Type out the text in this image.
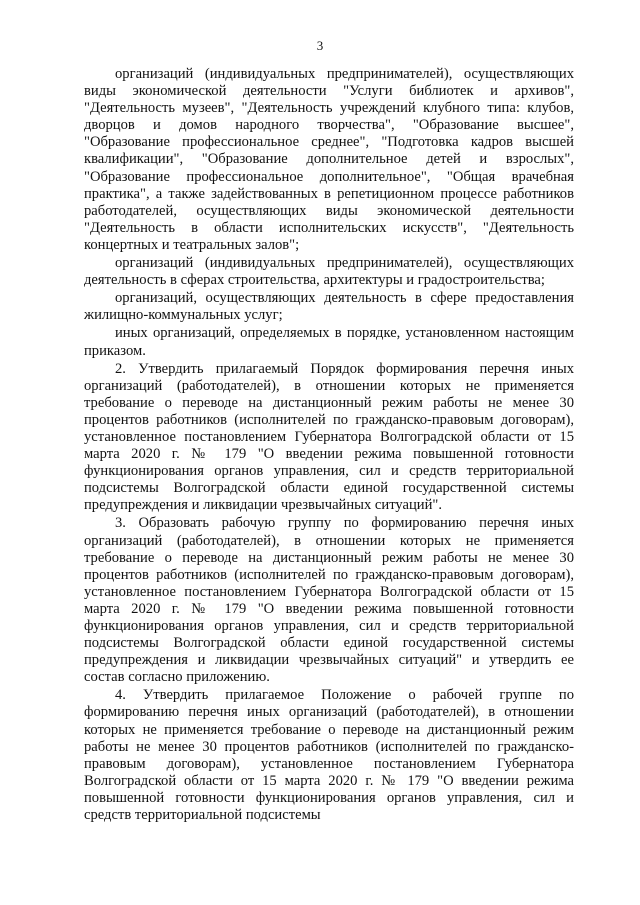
3

организаций (индивидуальных предпринимателей), осуществляющих виды экономической деятельности "Услуги библиотек и архивов", "Деятельность музеев", "Деятельность учреждений клубного типа: клубов, дворцов и домов народного творчества", "Образование высшее", "Образование профессиональное среднее", "Подготовка кадров высшей квалификации", "Образование дополнительное детей и взрослых", "Образование профессиональное дополнительное", "Общая врачебная практика", а также задействованных в репетиционном процессе работников работодателей, осуществляющих виды экономической деятельности "Деятельность в области исполнительских искусств", "Деятельность концертных и театральных залов";

организаций (индивидуальных предпринимателей), осуществляющих деятельность в сферах строительства, архитектуры и градостроительства;

организаций, осуществляющих деятельность в сфере предоставления жилищно-коммунальных услуг;

иных организаций, определяемых в порядке, установленном настоящим приказом.

2. Утвердить прилагаемый Порядок формирования перечня иных организаций (работодателей), в отношении которых не применяется требование о переводе на дистанционный режим работы не менее 30 процентов работников (исполнителей по гражданско-правовым договорам), установленное постановлением Губернатора Волгоградской области от 15 марта 2020 г. № 179 "О введении режима повышенной готовности функционирования органов управления, сил и средств территориальной подсистемы Волгоградской области единой государственной системы предупреждения и ликвидации чрезвычайных ситуаций".

3. Образовать рабочую группу по формированию перечня иных организаций (работодателей), в отношении которых не применяется требование о переводе на дистанционный режим работы не менее 30 процентов работников (исполнителей по гражданско-правовым договорам), установленное постановлением Губернатора Волгоградской области от 15 марта 2020 г. № 179 "О введении режима повышенной готовности функционирования органов управления, сил и средств территориальной подсистемы Волгоградской области единой государственной системы предупреждения и ликвидации чрезвычайных ситуаций" и утвердить ее состав согласно приложению.

4. Утвердить прилагаемое Положение о рабочей группе по формированию перечня иных организаций (работодателей), в отношении которых не применяется требование о переводе на дистанционный режим работы не менее 30 процентов работников (исполнителей по гражданско-правовым договорам), установленное постановлением Губернатора Волгоградской области от 15 марта 2020 г. № 179 "О введении режима повышенной готовности функционирования органов управления, сил и средств территориальной подсистемы
